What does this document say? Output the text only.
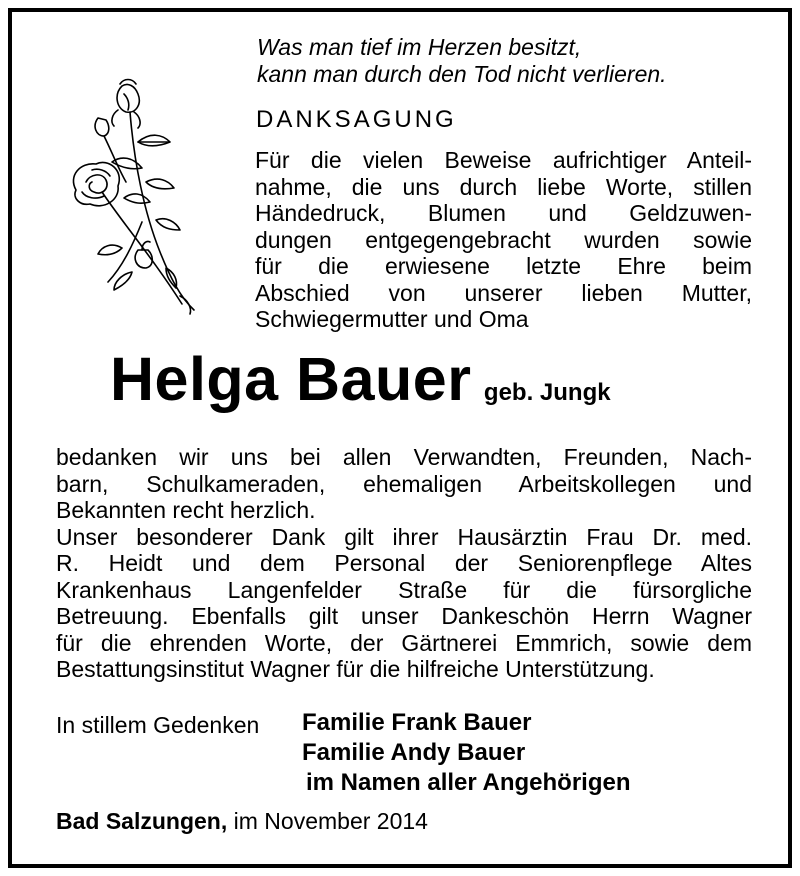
Was man tief im Herzen besitzt,
kann man durch den Tod nicht verlieren.
DANKSAGUNG
Für die vielen Beweise aufrichtiger Anteil-
nahme, die uns durch liebe Worte, stillen
Händedruck, Blumen und Geldzuwen-
dungen entgegengebracht wurden sowie
für die erwiesene letzte Ehre beim
Abschied von unserer lieben Mutter,
Schwiegermutter und Oma
Helga Bauer geb. Jungk
bedanken wir uns bei allen Verwandten, Freunden, Nach-
barn, Schulkameraden, ehemaligen Arbeitskollegen und
Bekannten recht herzlich.
Unser besonderer Dank gilt ihrer Hausärztin Frau Dr. med.
R. Heidt und dem Personal der Seniorenpflege Altes
Krankenhaus Langenfelder Straße für die fürsorgliche
Betreuung. Ebenfalls gilt unser Dankeschön Herrn Wagner
für die ehrenden Worte, der Gärtnerei Emmrich, sowie dem
Bestattungsinstitut Wagner für die hilfreiche Unterstützung.
In stillem Gedenken Familie Frank Bauer
Familie Andy Bauer
im Namen aller Angehörigen
Bad Salzungen, im November 2014
